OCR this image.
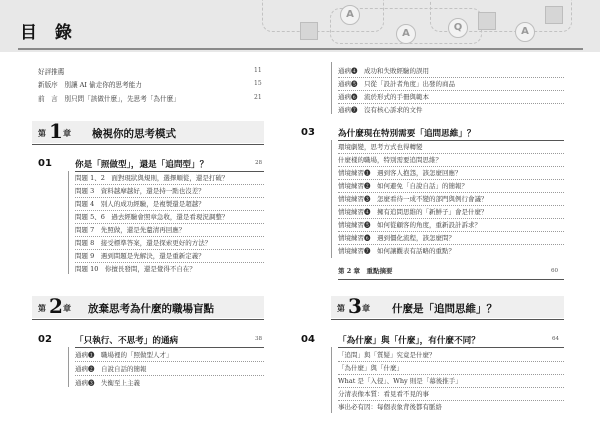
A
Q
A	A
目 錄
好評推薦	11
新版序　別讓 AI 偷走你的思考能力	15
前　言　別只問「該做什麼」，先思考「為什麼」	21
第 1 章 檢視你的思考模式
01	你是「照做型」，還是「追問型」？	28
問題 1、2　面對現狀與規則，選擇順從，還是打破？
問題 3　資料越摩越好，還是持一點也沒差？
問題 4　別人的成功經驗，是複製還是超越？
問題 5、6　過去經驗會照章急收，還是看現況調整？
問題 7　先照做，還是先釐清再回應？
問題 8　接受標準答案，還是探索更好的方法？
問題 9　遇到問題是先解決，還是重新定義？
問題 10　你擅長發問，還是覺得不自在？
第 2 章 放棄思考為什麼的職場盲點
02	「只執行、不思考」的通病	38
通病❶　職場裡的「照做型人才」
通病❷　自說自話的簡報
通病❸　失衡至上主義
通病❹　成功和失敗經驗的誤用
通病❺　只從「設計者角度」出發的商品
通病❻　流於形式的手冊與範本
通病❼　沒有核心訴求的文件
03	為什麼現在特別需要「追問思維」？
環境劇變，思考方式也得轉變
什麼樣的職場，特別需要追問思維？
情境練習❶　遇到客人抱怨，該怎麼回應？
情境練習❷　如何避免「自說自話」的簡報？
情境練習❸　怎麼看待一成不變的部門與例行會議？
情境練習❹　擁有追問思維的「新鮮子」會是什麼？
情境練習❺　如何從顧客的角度，重新設計訴求？
情境練習❻　遇到僵化流程，該怎麼問？
情境練習❼　如何讓觀表有話略的重點？
第 2 章　重點摘要	60
第 3 章 什麼是「追問思維」？
04	「為什麼」與「什麼」，有什麼不同？	64
「追問」與「質疑」究竟是什麼？
「為什麼」與「什麼」
What 是「入侵」、Why 則是「幕後推手」
分清表像本質：看見看不見的事
事出必有因：每個表象背後都有脈絡
